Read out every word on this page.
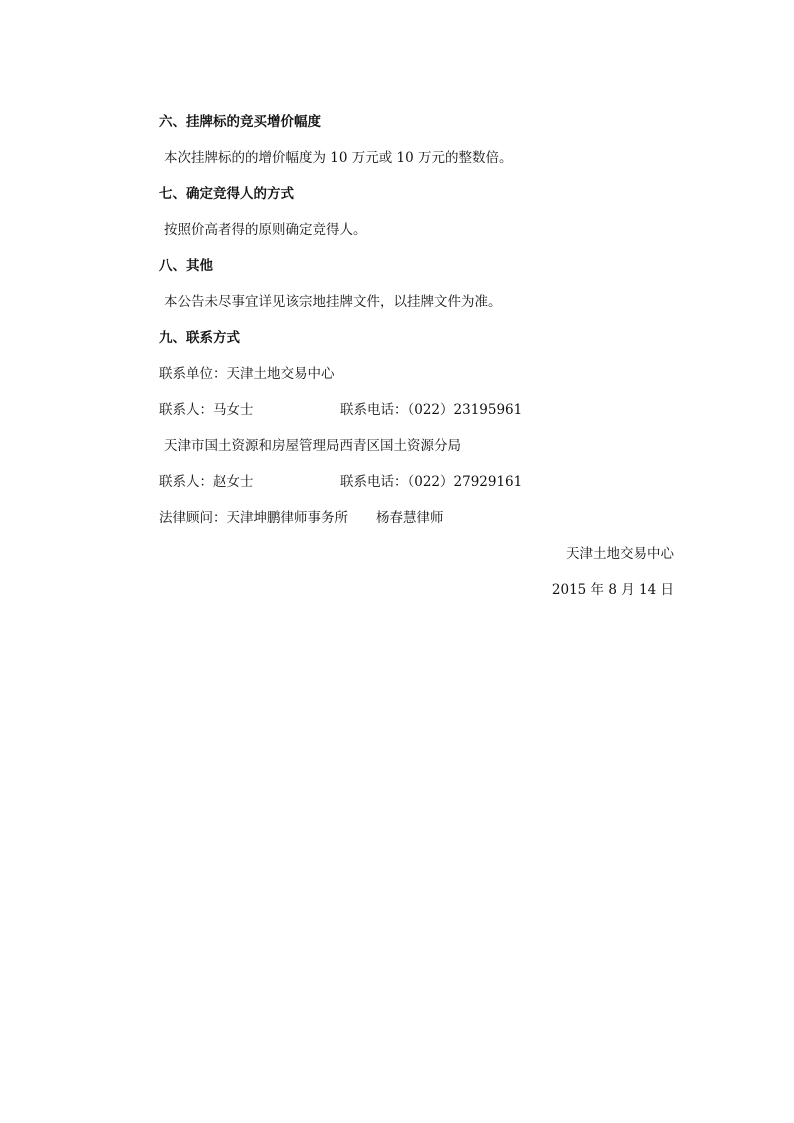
六、挂牌标的竞买增价幅度
本次挂牌标的的增价幅度为 10 万元或 10 万元的整数倍。
七、确定竞得人的方式
按照价高者得的原则确定竞得人。
八、其他
本公告未尽事宜详见该宗地挂牌文件，以挂牌文件为准。
九、联系方式
联系单位：天津土地交易中心
联系人：马女士	联系电话：（022）23195961
天津市国土资源和房屋管理局西青区国土资源分局
联系人：赵女士	联系电话：（022）27929161
法律顾问：天津坤鹏律师事务所 杨春慧律师
天津土地交易中心
2015 年 8 月 14 日
